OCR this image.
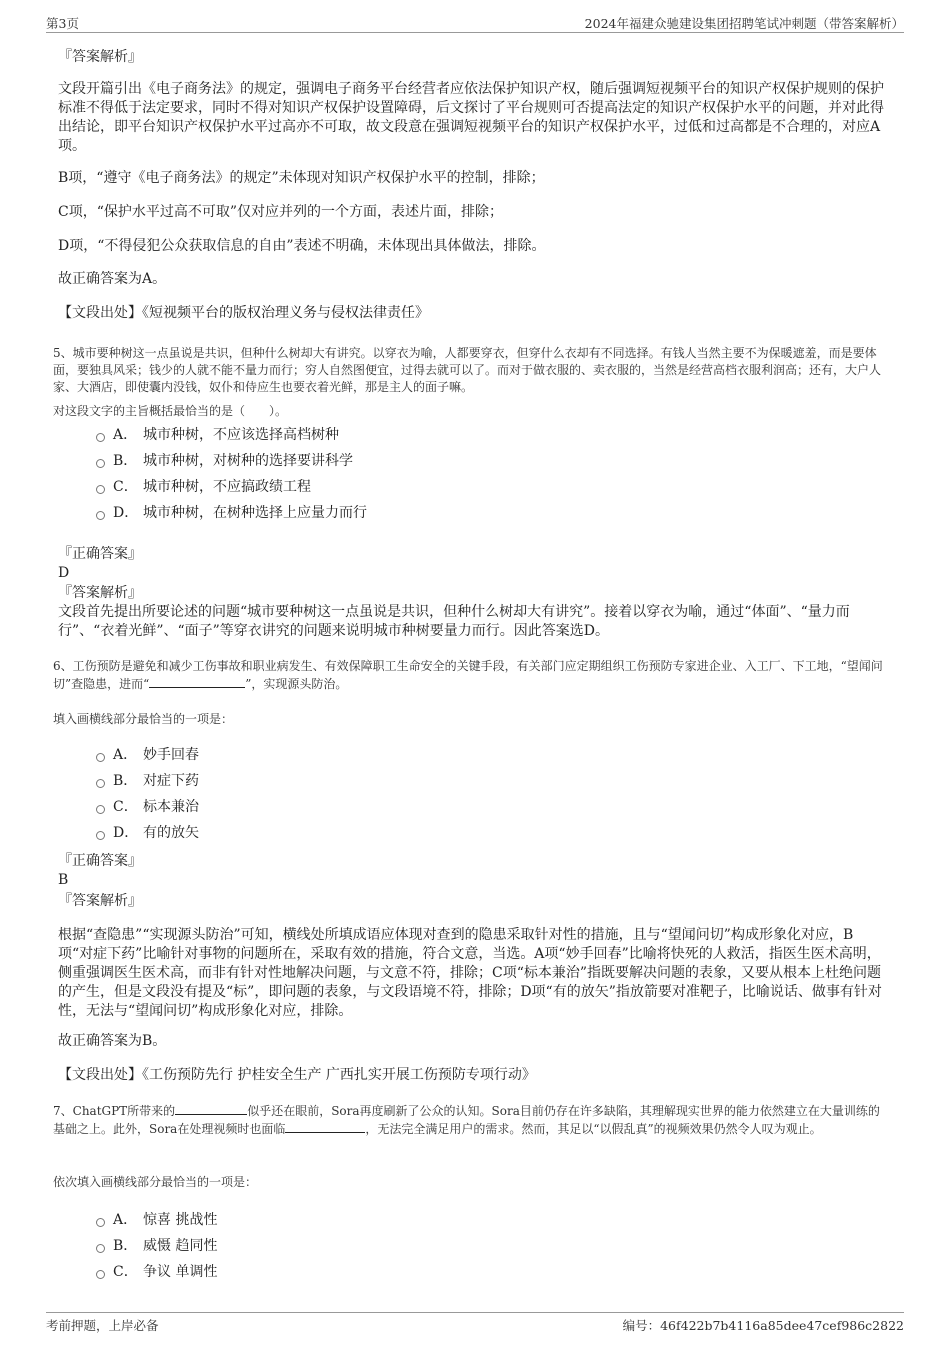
第3页	2024年福建众驰建设集团招聘笔试冲刺题（带答案解析）
『答案解析』
文段开篇引出《电子商务法》的规定，强调电子商务平台经营者应依法保护知识产权，随后强调短视频平台的知识产权保护规则的保护标准不得低于法定要求，同时不得对知识产权保护设置障碍，后文探讨了平台规则可否提高法定的知识产权保护水平的问题，并对此得出结论，即平台知识产权保护水平过高亦不可取，故文段意在强调短视频平台的知识产权保护水平，过低和过高都是不合理的，对应A项。
B项，“遵守《电子商务法》的规定”未体现对知识产权保护水平的控制，排除；
C项，“保护水平过高不可取”仅对应并列的一个方面，表述片面，排除；
D项，“不得侵犯公众获取信息的自由”表述不明确，未体现出具体做法，排除。
故正确答案为A。
【文段出处】《短视频平台的版权治理义务与侵权法律责任》
5、城市要种树这一点虽说是共识，但种什么树却大有讲究。以穿衣为喻，人都要穿衣，但穿什么衣却有不同选择。有钱人当然主要不为保暖遮羞，而是要体面，要独具风采；钱少的人就不能不量力而行；穷人自然图便宜，过得去就可以了。而对于做衣服的、卖衣服的，当然是经营高档衣服利润高；还有，大户人家、大酒店，即使囊内没钱，奴仆和侍应生也要衣着光鲜，那是主人的面子嘛。
对这段文字的主旨概括最恰当的是（　　）。
A． 城市种树，不应该选择高档树种
B． 城市种树，对树种的选择要讲科学
C． 城市种树，不应搞政绩工程
D． 城市种树，在树种选择上应量力而行
『正确答案』
D
『答案解析』
文段首先提出所要论述的问题“城市要种树这一点虽说是共识，但种什么树却大有讲究”。接着以穿衣为喻，通过“体面”、“量力而行”、“衣着光鲜”、“面子”等穿衣讲究的问题来说明城市种树要量力而行。因此答案选D。
6、工伤预防是避免和减少工伤事故和职业病发生、有效保障职工生命安全的关键手段，有关部门应定期组织工伤预防专家进企业、入工厂、下工地，“望闻问切”查隐患，进而“	”，实现源头防治。
填入画横线部分最恰当的一项是：
A． 妙手回春
B． 对症下药
C． 标本兼治
D． 有的放矢
『正确答案』
B
『答案解析』
根据“查隐患”“实现源头防治”可知，横线处所填成语应体现对查到的隐患采取针对性的措施，且与“望闻问切”构成形象化对应，B项“对症下药”比喻针对事物的问题所在，采取有效的措施，符合文意，当选。A项“妙手回春”比喻将快死的人救活，指医生医术高明，侧重强调医生医术高，而非有针对性地解决问题，与文意不符，排除；C项“标本兼治”指既要解决问题的表象，又要从根本上杜绝问题的产生，但是文段没有提及“标”，即问题的表象，与文段语境不符，排除；D项“有的放矢”指放箭要对准靶子，比喻说话、做事有针对性，无法与“望闻问切”构成形象化对应，排除。
故正确答案为B。
【文段出处】《工伤预防先行 护桂安全生产 广西扎实开展工伤预防专项行动》
7、ChatGPT所带来的	似乎还在眼前，Sora再度刷新了公众的认知。Sora目前仍存在许多缺陷，其理解现实世界的能力依然建立在大量训练的基础之上。此外，Sora在处理视频时也面临	，无法完全满足用户的需求。然而，其足以“以假乱真”的视频效果仍然令人叹为观止。
依次填入画横线部分最恰当的一项是：
A． 惊喜 挑战性
B． 威慑 趋同性
C． 争议 单调性
考前押题，上岸必备	编号：46f422b7b4116a85dee47cef986c2822
